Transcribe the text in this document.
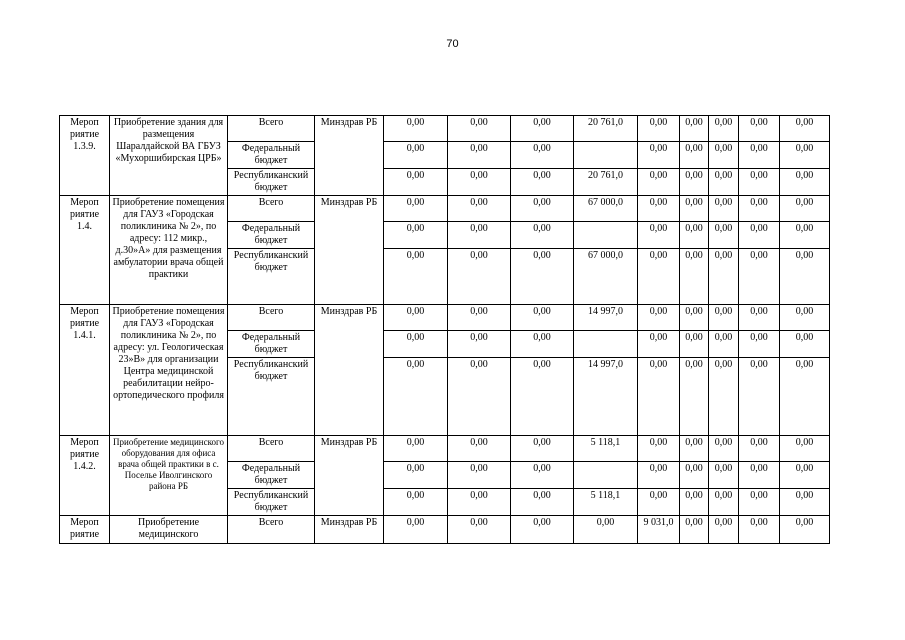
70
Мероп риятие 1.3.9.	Приобретение здания для размещения Шаралдайской ВА ГБУЗ «Мухоршибирская ЦРБ»	Всего	Минздрав РБ	0,00	0,00	0,00	20 761,0	0,00	0,00	0,00	0,00	0,00
		Федеральный бюджет		0,00	0,00	0,00		0,00	0,00	0,00	0,00	0,00
		Республиканский бюджет		0,00	0,00	0,00	20 761,0	0,00	0,00	0,00	0,00	0,00
Мероп риятие 1.4.	Приобретение помещения для ГАУЗ «Городская поликлиника № 2», по адресу: 112 микр., д.30»А» для размещения амбулатории врача общей практики	Всего	Минздрав РБ	0,00	0,00	0,00	67 000,0	0,00	0,00	0,00	0,00	0,00
		Федеральный бюджет		0,00	0,00	0,00		0,00	0,00	0,00	0,00	0,00
		Республиканский бюджет		0,00	0,00	0,00	67 000,0	0,00	0,00	0,00	0,00	0,00
Мероп риятие 1.4.1.	Приобретение помещения для ГАУЗ «Городская поликлиника № 2», по адресу: ул. Геологическая 23»В» для организации Центра медицинской реабилитации нейро-ортопедического профиля	Всего	Минздрав РБ	0,00	0,00	0,00	14 997,0	0,00	0,00	0,00	0,00	0,00
		Федеральный бюджет		0,00	0,00	0,00		0,00	0,00	0,00	0,00	0,00
		Республиканский бюджет		0,00	0,00	0,00	14 997,0	0,00	0,00	0,00	0,00	0,00
Мероп риятие 1.4.2.	Приобретение медицинского оборудования для офиса врача общей практики в с. Поселье Иволгинского района РБ	Всего	Минздрав РБ	0,00	0,00	0,00	5 118,1	0,00	0,00	0,00	0,00	0,00
		Федеральный бюджет		0,00	0,00	0,00		0,00	0,00	0,00	0,00	0,00
		Республиканский бюджет		0,00	0,00	0,00	5 118,1	0,00	0,00	0,00	0,00	0,00
Мероп риятие	Приобретение медицинского	Всего	Минздрав РБ	0,00	0,00	0,00	0,00	9 031,0	0,00	0,00	0,00	0,00
